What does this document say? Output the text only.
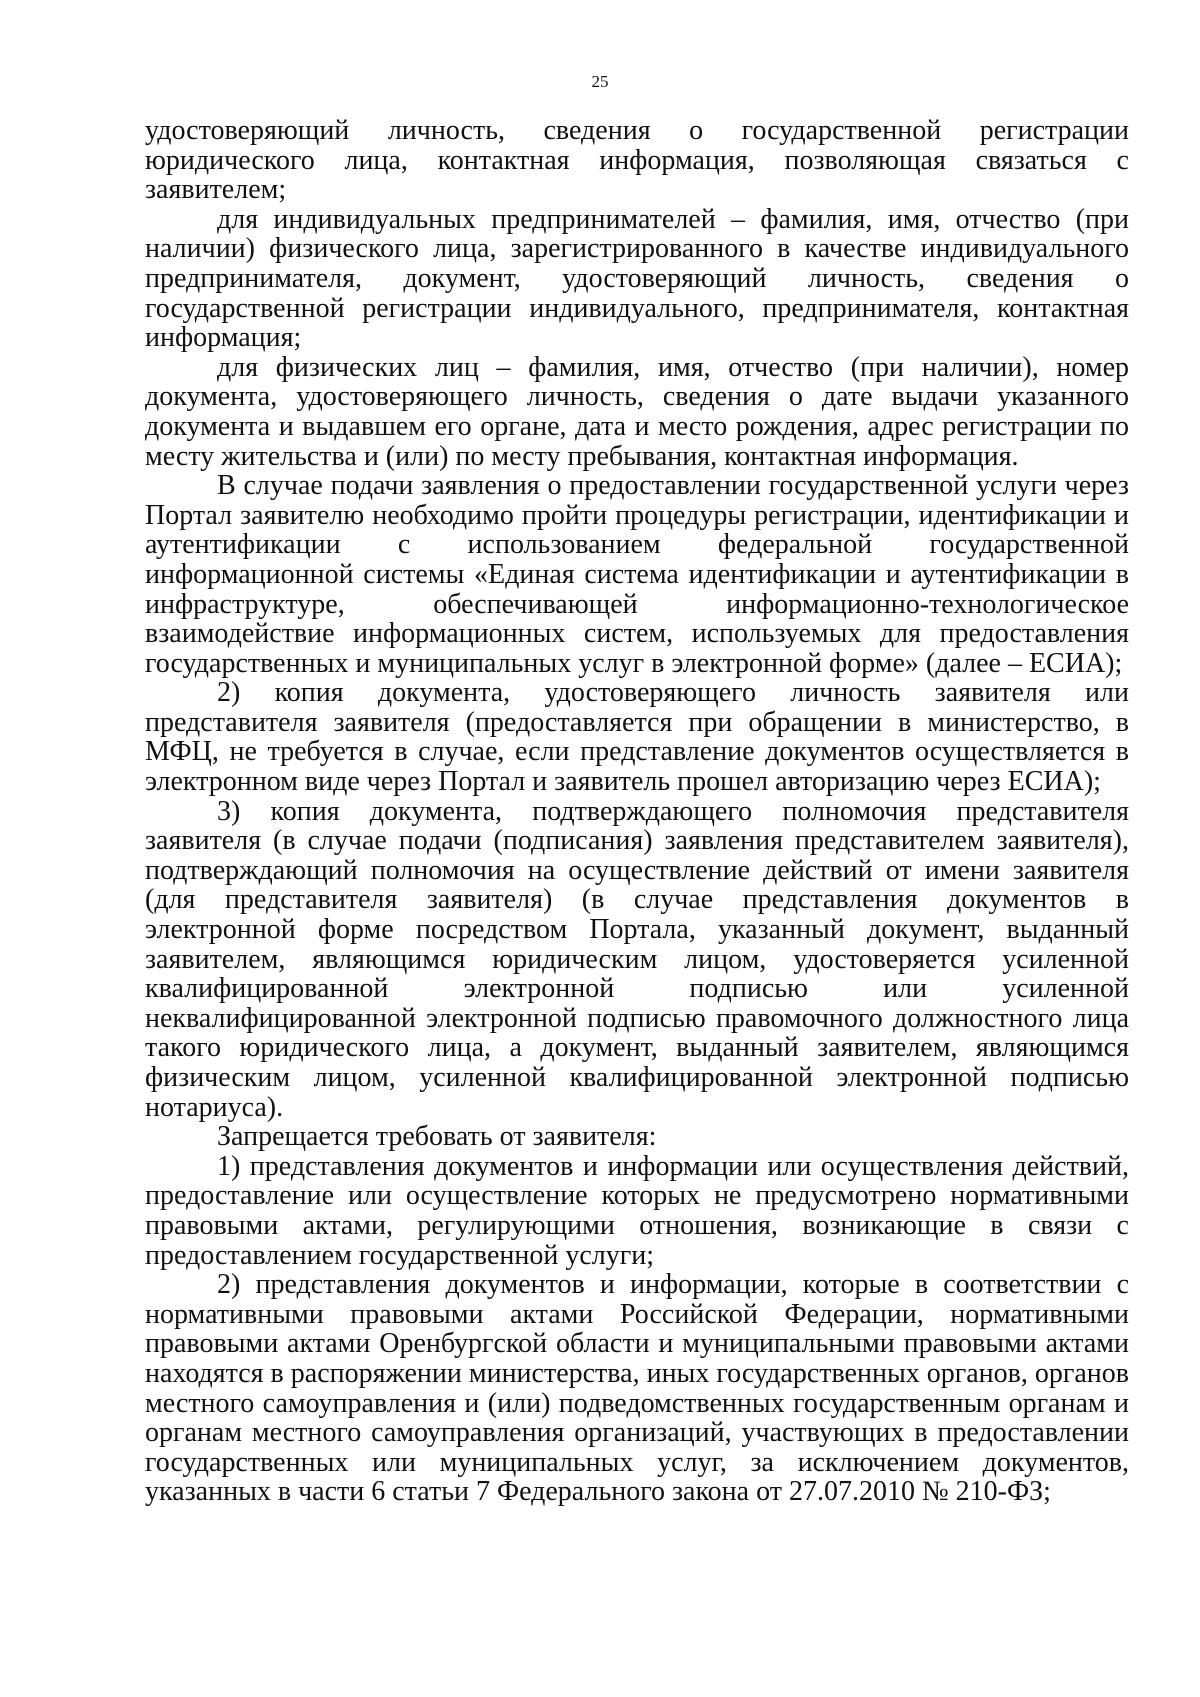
25

удостоверяющий личность, сведения о государственной регистрации юридического лица, контактная информация, позволяющая связаться с заявителем;

для индивидуальных предпринимателей – фамилия, имя, отчество (при наличии) физического лица, зарегистрированного в качестве индивидуального предпринимателя, документ, удостоверяющий личность, сведения о государственной регистрации индивидуального, предпринимателя, контактная информация;

для физических лиц – фамилия, имя, отчество (при наличии), номер документа, удостоверяющего личность, сведения о дате выдачи указанного документа и выдавшем его органе, дата и место рождения, адрес регистрации по месту жительства и (или) по месту пребывания, контактная информация.

В случае подачи заявления о предоставлении государственной услуги через Портал заявителю необходимо пройти процедуры регистрации, идентификации и аутентификации с использованием федеральной государственной информационной системы «Единая система идентификации и аутентификации в инфраструктуре, обеспечивающей информационно-технологическое взаимодействие информационных систем, используемых для предоставления государственных и муниципальных услуг в электронной форме» (далее – ЕСИА);

2) копия документа, удостоверяющего личность заявителя или представителя заявителя (предоставляется при обращении в министерство, в МФЦ, не требуется в случае, если представление документов осуществляется в электронном виде через Портал и заявитель прошел авторизацию через ЕСИА);

3) копия документа, подтверждающего полномочия представителя заявителя (в случае подачи (подписания) заявления представителем заявителя), подтверждающий полномочия на осуществление действий от имени заявителя (для представителя заявителя) (в случае представления документов в электронной форме посредством Портала, указанный документ, выданный заявителем, являющимся юридическим лицом, удостоверяется усиленной квалифицированной электронной подписью или усиленной неквалифицированной электронной подписью правомочного должностного лица такого юридического лица, а документ, выданный заявителем, являющимся физическим лицом, усиленной квалифицированной электронной подписью нотариуса).

Запрещается требовать от заявителя:

1) представления документов и информации или осуществления действий, предоставление или осуществление которых не предусмотрено нормативными правовыми актами, регулирующими отношения, возникающие в связи с предоставлением государственной услуги;

2) представления документов и информации, которые в соответствии с нормативными правовыми актами Российской Федерации, нормативными правовыми актами Оренбургской области и муниципальными правовыми актами находятся в распоряжении министерства, иных государственных органов, органов местного самоуправления и (или) подведомственных государственным органам и органам местного самоуправления организаций, участвующих в предоставлении государственных или муниципальных услуг, за исключением документов, указанных в части 6 статьи 7 Федерального закона от 27.07.2010 № 210-ФЗ;
